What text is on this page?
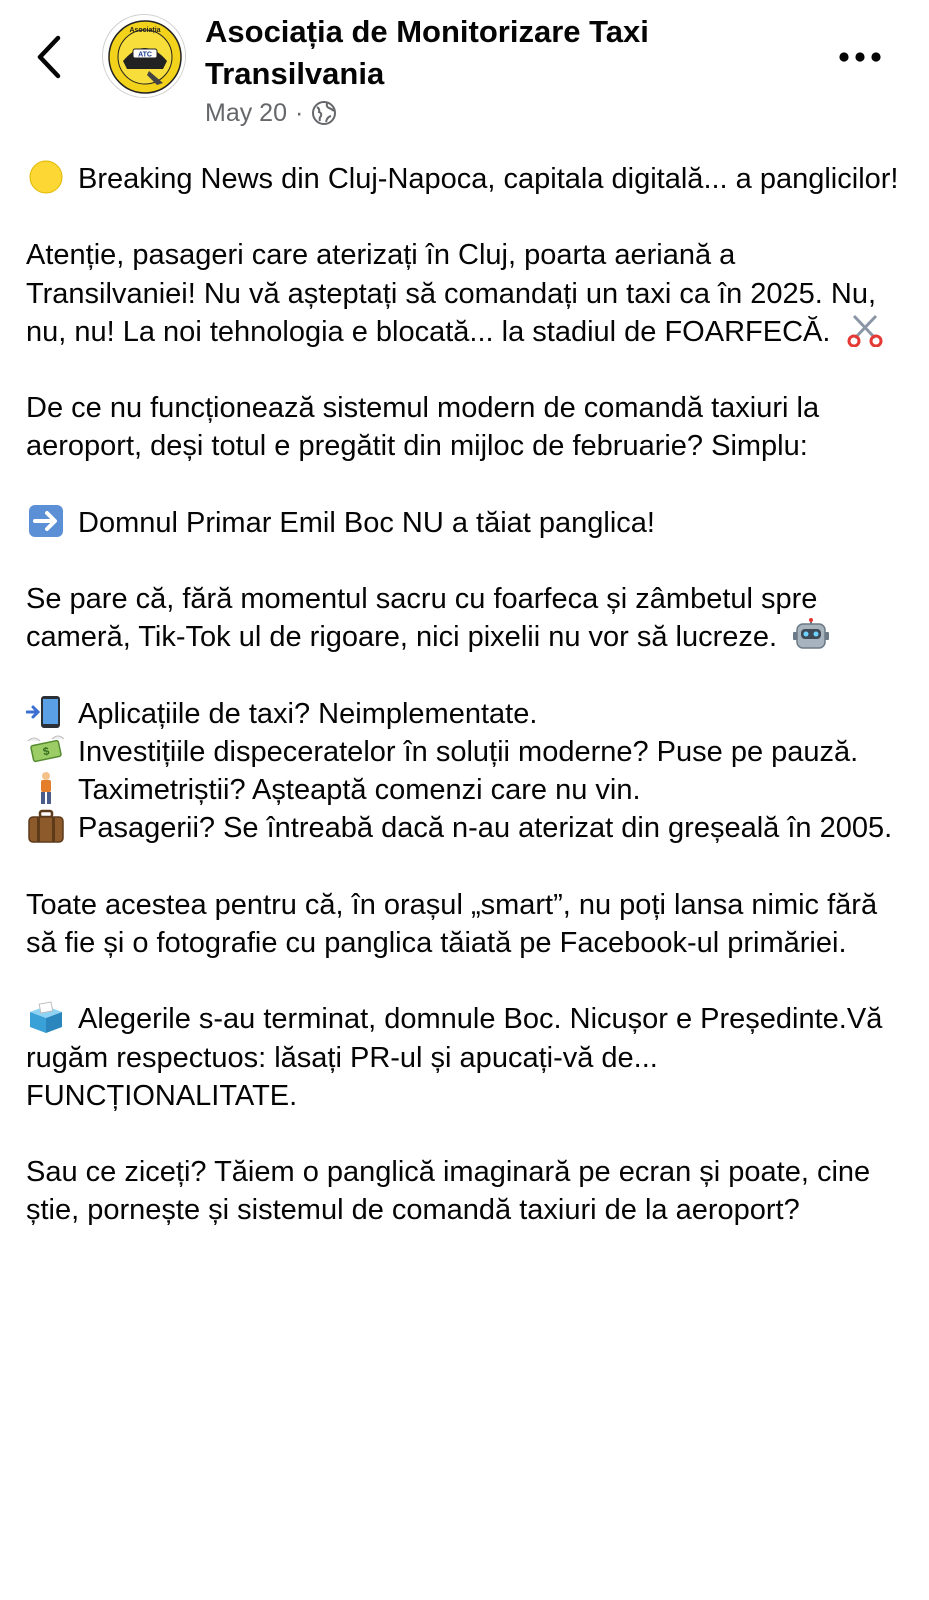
ATC
Asociația Asociația de Monitorizare Taxi Transilvania
May 20 ·

Breaking News din Cluj-Napoca, capitala digitală... a panglicilor!

Atenție, pasageri care aterizați în Cluj, poarta aeriană a Transilvaniei! Nu vă așteptați să comandați un taxi ca în 2025. Nu, nu, nu! La noi tehnologia e blocată... la stadiul de FOARFECĂ.

De ce nu funcționează sistemul modern de comandă taxiuri la aeroport, deși totul e pregătit din mijloc de februarie? Simplu:

Domnul Primar Emil Boc NU a tăiat panglica!

Se pare că, fără momentul sacru cu foarfeca și zâmbetul spre cameră, Tik-Tok ul de rigoare, nici pixelii nu vor să lucreze.

Aplicațiile de taxi? Neimplementate.

$ Investițiile dispeceratelor în soluții moderne? Puse pe pauză.

Taximetriștii? Așteaptă comenzi care nu vin.

Pasagerii? Se întreabă dacă n-au aterizat din greșeală în 2005.

Toate acestea pentru că, în orașul „smart”, nu poți lansa nimic fără să fie și o fotografie cu panglica tăiată pe Facebook-ul primăriei.

Alegerile s-au terminat, domnule Boc. Nicușor e Președinte.Vă rugăm respectuos: lăsați PR-ul și apucați-vă de... FUNCȚIONALITATE.

Sau ce ziceți? Tăiem o panglică imaginară pe ecran și poate, cine știe, pornește și sistemul de comandă taxiuri de la aeroport?
